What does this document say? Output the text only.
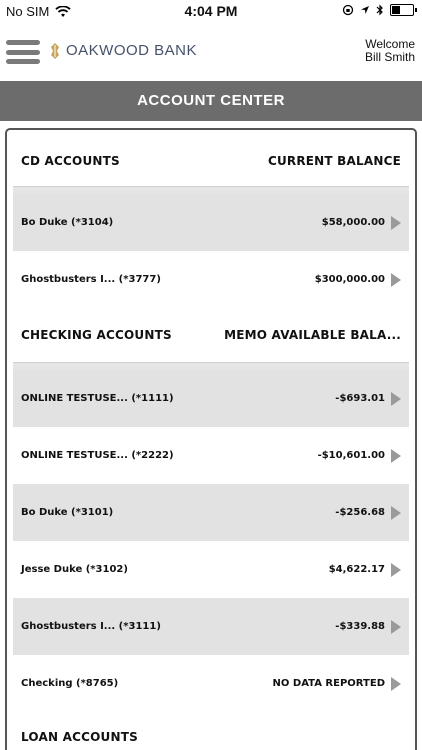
No SIM	4:04 PM
OAKWOOD BANK	Welcome
Bill Smith
ACCOUNT CENTER
CD ACCOUNTS	CURRENT BALANCE
Bo Duke (*3104)	$58,000.00
Ghostbusters I... (*3777)	$300,000.00
CHECKING ACCOUNTS	MEMO AVAILABLE BALA...
ONLINE TESTUSE... (*1111)	-$693.01
ONLINE TESTUSE... (*2222)	-$10,601.00
Bo Duke (*3101)	-$256.68
Jesse Duke (*3102)	$4,622.17
Ghostbusters I... (*3111)	-$339.88
Checking (*8765)	NO DATA REPORTED
LOAN ACCOUNTS
